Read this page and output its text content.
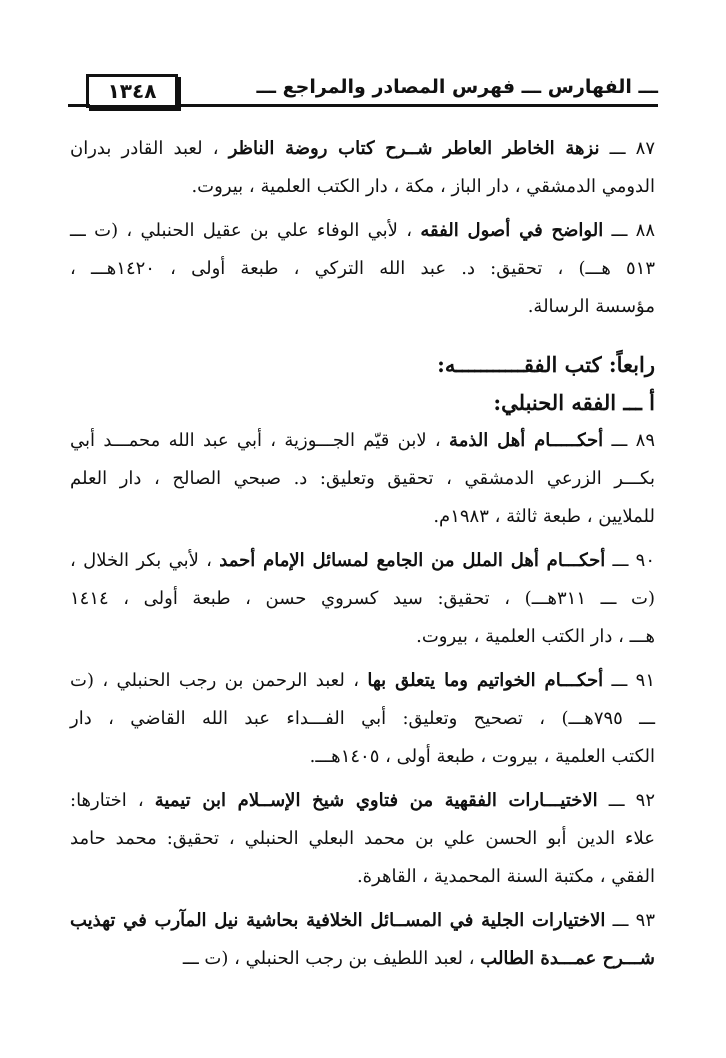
١٣٤٨	ـــ الفهارس ـــ فهرس المصادر والمراجع ـــ
٨٧ ـــ نزهة الخاطر العاطر شــرح كتاب روضة الناظر ، لعبد القادر بدران
الدومي الدمشقي ، دار الباز ، مكة ، دار الكتب العلمية ، بيروت.
٨٨ ـــ الواضح في أصول الفقه ، لأبي الوفاء علي بن عقيل الحنبلي ، (ت ـــ
٥١٣ هـــ) ، تحقيق: د. عبد الله التركي ، طبعة أولى ، ١٤٢٠هـــ ،
مؤسسة الرسالة.
رابعاً: كتب الفقـــــــــــه:
أ ـــ الفقه الحنبلي:
٨٩ ـــ أحكـــــام أهل الذمة ، لابن قيّم الجـــوزية ، أبي عبد الله محمـــد أبي
بكـــر الزرعي الدمشقي ، تحقيق وتعليق: د. صبحي الصالح ، دار العلم
للملايين ، طبعة ثالثة ، ١٩٨٣م.
٩٠ ـــ أحكـــام أهل الملل من الجامع لمسائل الإمام أحمد ، لأبي بكر الخلال ،
(ت ـــ ٣١١هـــ) ، تحقيق: سيد كسروي حسن ، طبعة أولى ، ١٤١٤
هـــ ، دار الكتب العلمية ، بيروت.
٩١ ـــ أحكـــام الخواتيم وما يتعلق بها ، لعبد الرحمن بن رجب الحنبلي ، (ت
ـــ ٧٩٥هـــ) ، تصحيح وتعليق: أبي الفـــداء عبد الله القاضي ، دار
الكتب العلمية ، بيروت ، طبعة أولى ، ١٤٠٥هـــ.
٩٢ ـــ الاختيـــارات الفقهية من فتاوي شيخ الإســلام ابن تيمية ، اختارها:
علاء الدين أبو الحسن علي بن محمد البعلي الحنبلي ، تحقيق: محمد حامد
الفقي ، مكتبة السنة المحمدية ، القاهرة.
٩٣ ـــ الاختيارات الجلية في المســائل الخلافية بحاشية نيل المآرب في تهذيب
شـــرح عمـــدة الطالب ، لعبد اللطيف بن رجب الحنبلي ، (ت ـــ
